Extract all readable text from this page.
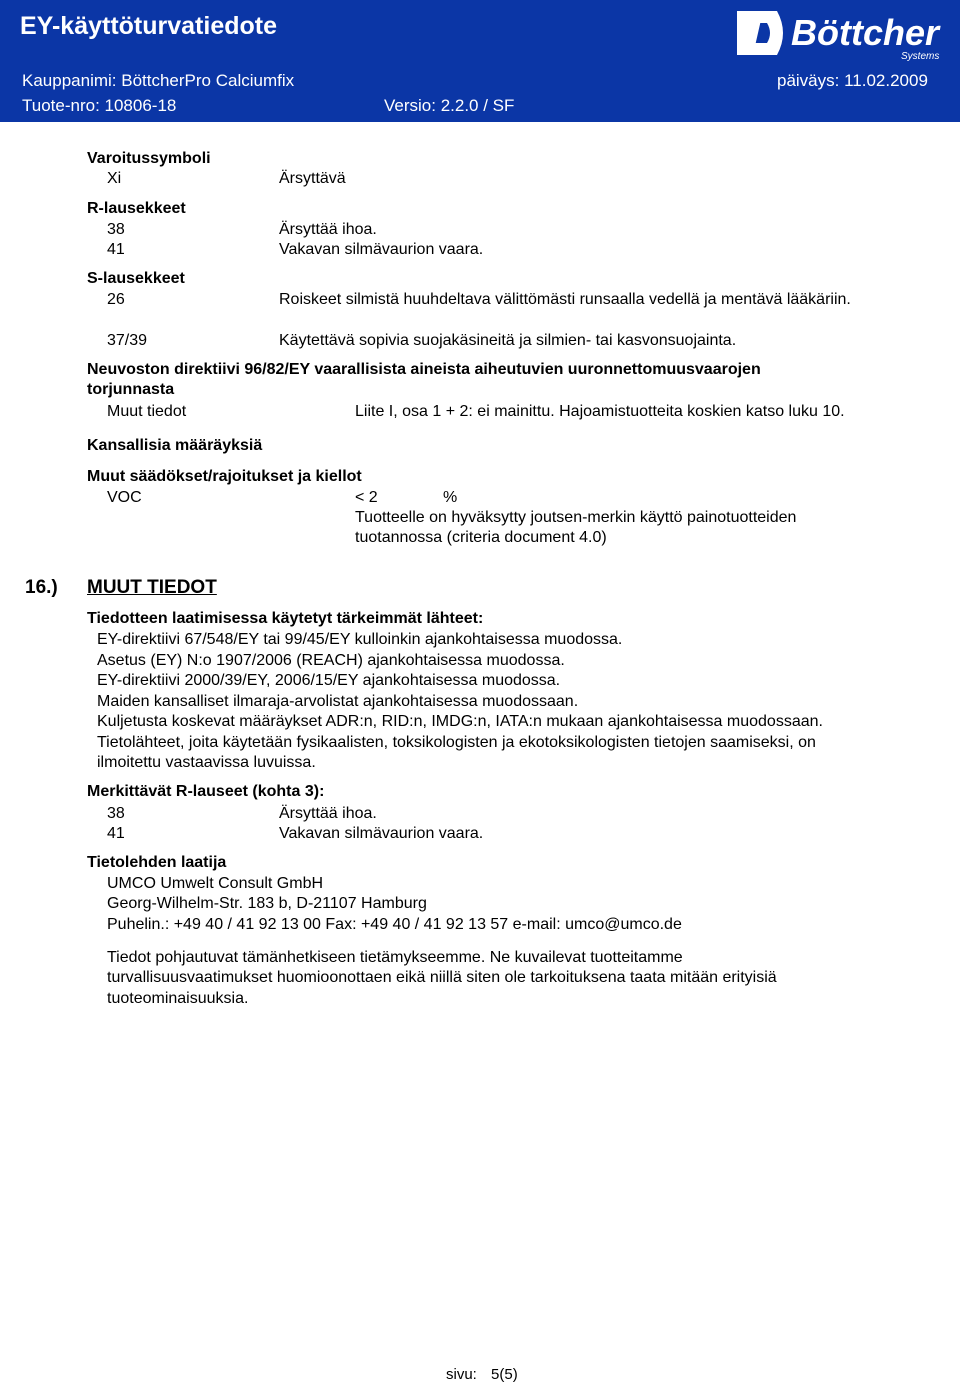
EY-käyttöturvatiedote
Kauppanimi: BöttcherPro Calciumfix
Tuote-nro: 10806-18	Versio: 2.2.0 / SF
päiväys: 11.02.2009
Böttcher
Systems
Varoitussymboli
Xi	Ärsyttävä
R-lausekkeet
38	Ärsyttää ihoa.
41	Vakavan silmävaurion vaara.
S-lausekkeet
26	Roiskeet silmistä huuhdeltava välittömästi runsaalla vedellä ja mentävä lääkäriin.
37/39	Käytettävä sopivia suojakäsineitä ja silmien- tai kasvonsuojainta.
Neuvoston direktiivi 96/82/EY vaarallisista aineista aiheutuvien uuronnettomuusvaarojen
torjunnasta
Muut tiedot	Liite I, osa 1 + 2: ei mainittu. Hajoamistuotteita koskien katso luku 10.
Kansallisia määräyksiä
Muut säädökset/rajoitukset ja kiellot
VOC	< 2	%
Tuotteelle on hyväksytty joutsen-merkin käyttö painotuotteiden
tuotannossa (criteria document 4.0)
16.) MUUT TIEDOT
Tiedotteen laatimisessa käytetyt tärkeimmät lähteet:
EY-direktiivi 67/548/EY tai 99/45/EY kulloinkin ajankohtaisessa muodossa.
Asetus (EY) N:o 1907/2006 (REACH) ajankohtaisessa muodossa.
EY-direktiivi 2000/39/EY, 2006/15/EY ajankohtaisessa muodossa.
Maiden kansalliset ilmaraja-arvolistat ajankohtaisessa muodossaan.
Kuljetusta koskevat määräykset ADR:n, RID:n, IMDG:n, IATA:n mukaan ajankohtaisessa muodossaan.
Tietolähteet, joita käytetään fysikaalisten, toksikologisten ja ekotoksikologisten tietojen saamiseksi, on
ilmoitettu vastaavissa luvuissa.
Merkittävät R-lauseet (kohta 3):
38	Ärsyttää ihoa.
41	Vakavan silmävaurion vaara.
Tietolehden laatija
UMCO Umwelt Consult GmbH
Georg-Wilhelm-Str. 183 b, D-21107 Hamburg
Puhelin.: +49 40 / 41 92 13 00 Fax: +49 40 / 41 92 13 57 e-mail: umco@umco.de
Tiedot pohjautuvat tämänhetkiseen tietämykseemme. Ne kuvailevat tuotteitamme
turvallisuusvaatimukset huomioonottaen eikä niillä siten ole tarkoituksena taata mitään erityisiä
tuoteominaisuuksia.
sivu: 5(5)
